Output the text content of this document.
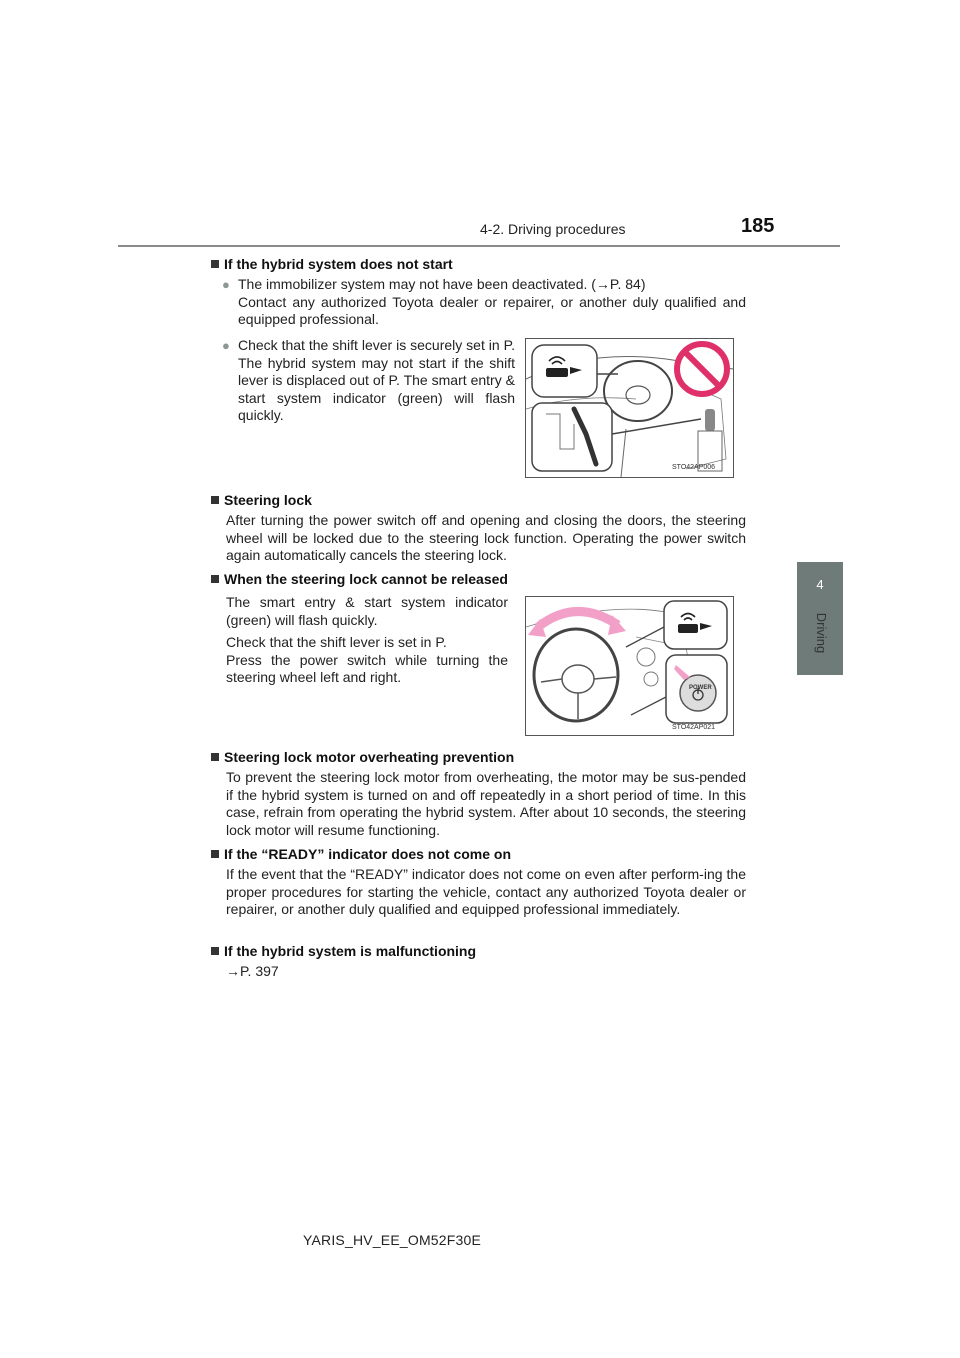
4-2. Driving procedures	185
4
Driving
If the hybrid system does not start
● The immobilizer system may not have been deactivated. (→P. 84)
Contact any authorized Toyota dealer or repairer, or another duly qualified and equipped professional.
● Check that the shift lever is securely set in P. The hybrid system may not start if the shift lever is displaced out of P. The smart entry & start system indicator (green) will flash quickly.
STO42AP006
Steering lock
After turning the power switch off and opening and closing the doors, the steering wheel will be locked due to the steering lock function. Operating the power switch again automatically cancels the steering lock.
When the steering lock cannot be released
The smart entry & start system indicator (green) will flash quickly.
Check that the shift lever is set in P.
Press the power switch while turning the steering wheel left and right.
POWER
STO42AP021
Steering lock motor overheating prevention
To prevent the steering lock motor from overheating, the motor may be sus-pended if the hybrid system is turned on and off repeatedly in a short period of time. In this case, refrain from operating the hybrid system. After about 10 seconds, the steering lock motor will resume functioning.
If the “READY” indicator does not come on
If the event that the “READY” indicator does not come on even after perform-ing the proper procedures for starting the vehicle, contact any authorized Toyota dealer or repairer, or another duly qualified and equipped professional immediately.
If the hybrid system is malfunctioning
→P. 397
YARIS_HV_EE_OM52F30E
